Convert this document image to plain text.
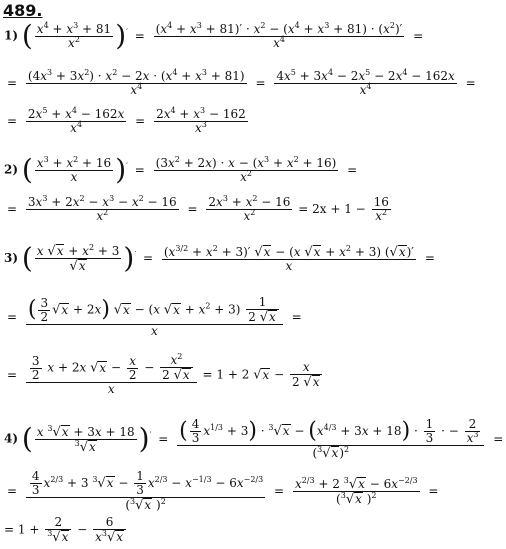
489.
1) ( $\frac{x^4 + x^3 + 81}{x^2} )' = \frac{(x^4 + x^3 + 81)' \cdot x^2 - (x^4 + x^3 + 81) \cdot (x^2)'}{x^4}$ =
= $\frac{(4x^3 + 3x^2) \cdot x^2 - 2x \cdot (x^4 + x^3 + 81)}{x^4} = \frac{4x^5 + 3x^4 - 2x^5 - 2x^4 - 162x}{x^4}$ =
= $\frac{2x^5 + x^4 - 162x}{x^4} = \frac{2x^4 + x^3 - 162}{x^3}$
2) ( $\frac{x^3 + x^2 + 16}{x} )' = \frac{(3x^2 + 2x) \cdot x - (x^3 + x^2 + 16)}{x^2}$ =
= $\frac{3x^3 + 2x^2 - x^3 - x^2 - 16}{x^2} = \frac{2x^3 + x^2 - 16}{x^2} = 2x + 1 - \frac{16}{x^2}$
3) ( $\frac{x √x + x^2 + 3}{√x} )' = \frac{(x^{3/2} + x^2 + 3)' √x - (x √x + x^2 + 3) (√x)'}{x}$ =
= $\frac{( \frac{3}{2} √x + 2x) √x - (x √x + x^2 + 3) \frac{1}{2 √x}}{x}$ =
= $\frac{\frac{3}{2} x + 2x √x - \frac{x}{2} - \frac{x^2}{2 √x}}{x} = 1 + 2$ $√x - \frac{x}{2 √x}$
4) ( $\frac{x ^3√x + 3x + 18}{^3√x} )' = \frac{( \frac{4}{3} x^{1/3} + 3) \cdot ^3√x - (x^{4/3} + 3x + 18) \cdot \frac{1}{3} \cdot - \frac{2}{x^3}}{(^3√x)^2}$ =
= $\frac{\frac{4}{3} x^{2/3} + 3 ^3√x - \frac{1}{3} x^{2/3} - x^{-1/3} - 6x^{-2/3}}{(^3√x )^2} = \frac{x^{2/3} + 2 ^3√x - 6x^{-2/3}}{(^3√x )^2}$ =
= $1 + \frac{2}{^3√x} - \frac{6}{x^3√x}$
